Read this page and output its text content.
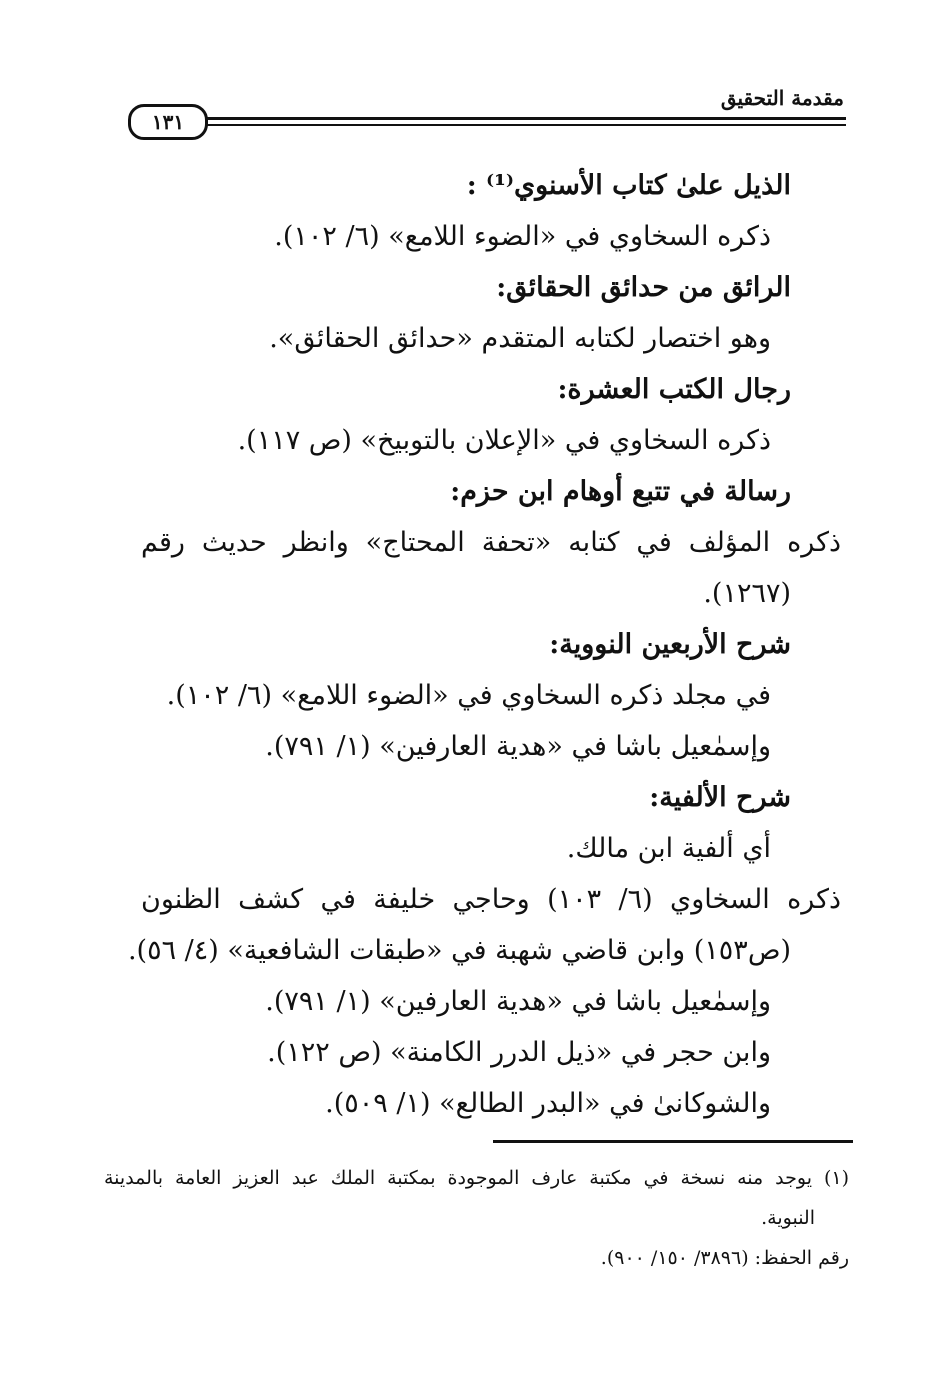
١٣١
مقدمة التحقيق
الذيل علىٰ كتاب الأسنوي⁽¹⁾ :
ذكره السخاوي في «الضوء اللامع» (٦/ ١٠٢).
الرائق من حدائق الحقائق:
وهو اختصار لكتابه المتقدم «حدائق الحقائق».
رجال الكتب العشرة:
ذكره السخاوي في «الإعلان بالتوبيخ» (ص ١١٧).
رسالة في تتبع أوهام ابن حزم:
ذكره المؤلف في كتابه «تحفة المحتاج» وانظر حديث رقم
(١٢٦٧).
شرح الأربعين النووية:
في مجلد ذكره السخاوي في «الضوء اللامع» (٦/ ١٠٢).
وإسمٰعيل باشا في «هدية العارفين» (١/ ٧٩١).
شرح الألفية:
أي ألفية ابن مالك.
ذكره السخاوي (٦/ ١٠٣) وحاجي خليفة في كشف الظنون
(ص١٥٣) وابن قاضي شهبة في «طبقات الشافعية» (٤/ ٥٦).
وإسمٰعيل باشا في «هدية العارفين» (١/ ٧٩١).
وابن حجر في «ذيل الدرر الكامنة» (ص ١٢٢).
والشوكانىٰ في «البدر الطالع» (١/ ٥٠٩).
(١) يوجد منه نسخة في مكتبة عارف الموجودة بمكتبة الملك عبد العزيز العامة بالمدينة
النبوية.
رقم الحفظ: (٣٨٩٦/ ١٥٠/ ٩٠٠).
